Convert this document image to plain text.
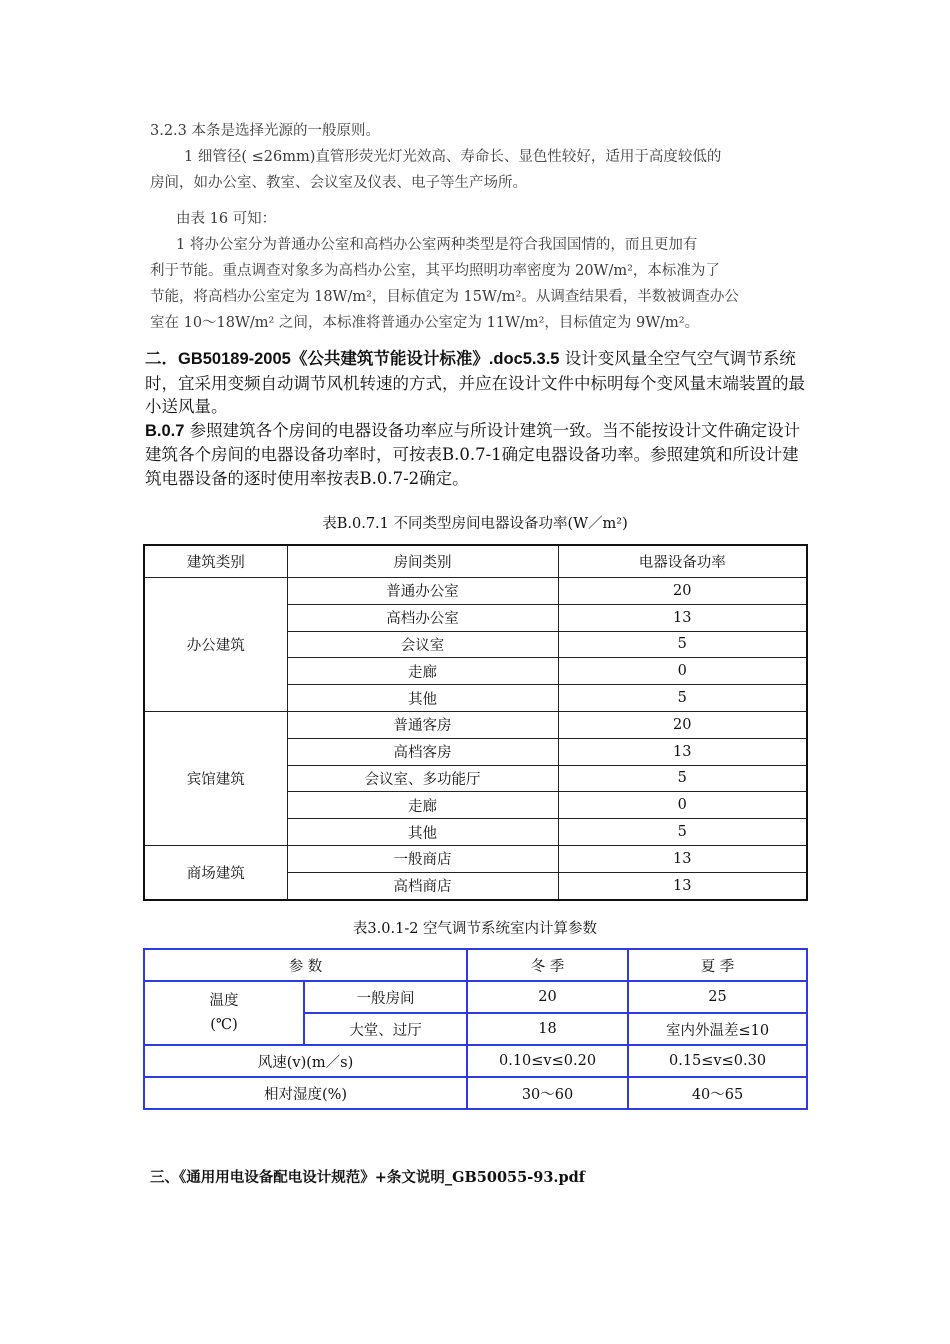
3.2.3 本条是选择光源的一般原则。

1 细管径( ≤26mm)直管形荧光灯光效高、寿命长、显色性较好，适用于高度较低的

房间，如办公室、教室、会议室及仪表、电子等生产场所。

由表 16 可知：

1 将办公室分为普通办公室和高档办公室两种类型是符合我国国情的，而且更加有

利于节能。重点调查对象多为高档办公室，其平均照明功率密度为 20W/m²，本标准为了

节能，将高档办公室定为 18W/m²，目标值定为 15W/m²。从调查结果看，半数被调查办公

室在 10～18W/m² 之间，本标准将普通办公室定为 11W/m²，目标值定为 9W/m²。

二．GB50189-2005《公共建筑节能设计标准》.doc5.3.5 设计变风量全空气空气调节系统时，宜采用变频自动调节风机转速的方式，并应在设计文件中标明每个变风量末端装置的最小送风量。

B.0.7 参照建筑各个房间的电器设备功率应与所设计建筑一致。当不能按设计文件确定设计建筑各个房间的电器设备功率时，可按表B.0.7-1确定电器设备功率。参照建筑和所设计建筑电器设备的逐时使用率按表B.0.7-2确定。

表B.0.7.1 不同类型房间电器设备功率(W／m²)
建筑类别	房间类别	电器设备功率
办公建筑	普通办公室	20
	高档办公室	13
	会议室	5
	走廊	0
	其他	5
宾馆建筑	普通客房	20
	高档客房	13
	会议室、多功能厅	5
	走廊	0
	其他	5
商场建筑	一般商店	13
	高档商店	13
表3.0.1-2 空气调节系统室内计算参数
参 数		冬 季	夏 季

温度
(℃)	一般房间	20	25
	大堂、过厅	18	室内外温差≤10
风速(v)(m／s)		0.10≤v≤0.20	0.15≤v≤0.30
相对湿度(%)		30～60	40～65
三、《通用用电设备配电设计规范》+条文说明_GB50055-93.pdf
